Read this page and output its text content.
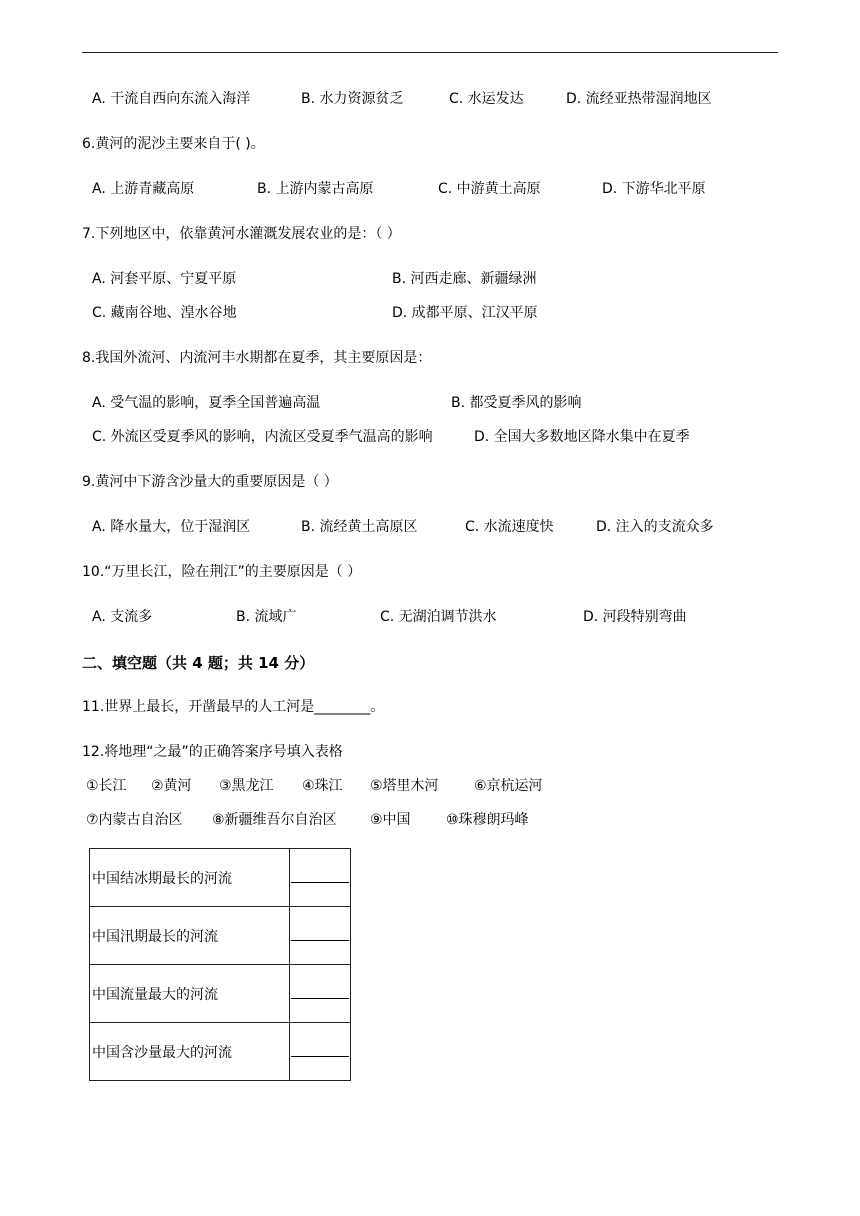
A. 干流自西向东流入海洋	B. 水力资源贫乏	C. 水运发达	D. 流经亚热带湿润地区
6.黄河的泥沙主要来自于( )。
A. 上游青藏高原	B. 上游内蒙古高原	C. 中游黄土高原	D. 下游华北平原
7.下列地区中，依靠黄河水灌溉发展农业的是：（ ）
A. 河套平原、宁夏平原	B. 河西走廊、新疆绿洲
C. 藏南谷地、湟水谷地	D. 成都平原、江汉平原
8.我国外流河、内流河丰水期都在夏季，其主要原因是：
A. 受气温的影响，夏季全国普遍高温	B. 都受夏季风的影响
C. 外流区受夏季风的影响，内流区受夏季气温高的影响	D. 全国大多数地区降水集中在夏季
9.黄河中下游含沙量大的重要原因是（ ）
A. 降水量大，位于湿润区	B. 流经黄土高原区	C. 水流速度快	D. 注入的支流众多
10.“万里长江，险在荆江”的主要原因是（ ）
A. 支流多	B. 流域广	C. 无湖泊调节洪水	D. 河段特别弯曲
二、填空题（共 4 题；共 14 分）
11.世界上最长，开凿最早的人工河是________。
12.将地理“之最”的正确答案序号填入表格
①长江 ②黄河 ③黑龙江 ④珠江 ⑤塔里木河	⑥京杭运河
⑦内蒙古自治区 ⑧新疆维吾尔自治区 ⑨中国	⑩珠穆朗玛峰
中国结冰期最长的河流	
中国汛期最长的河流	
中国流量最大的河流	
中国含沙量最大的河流	
